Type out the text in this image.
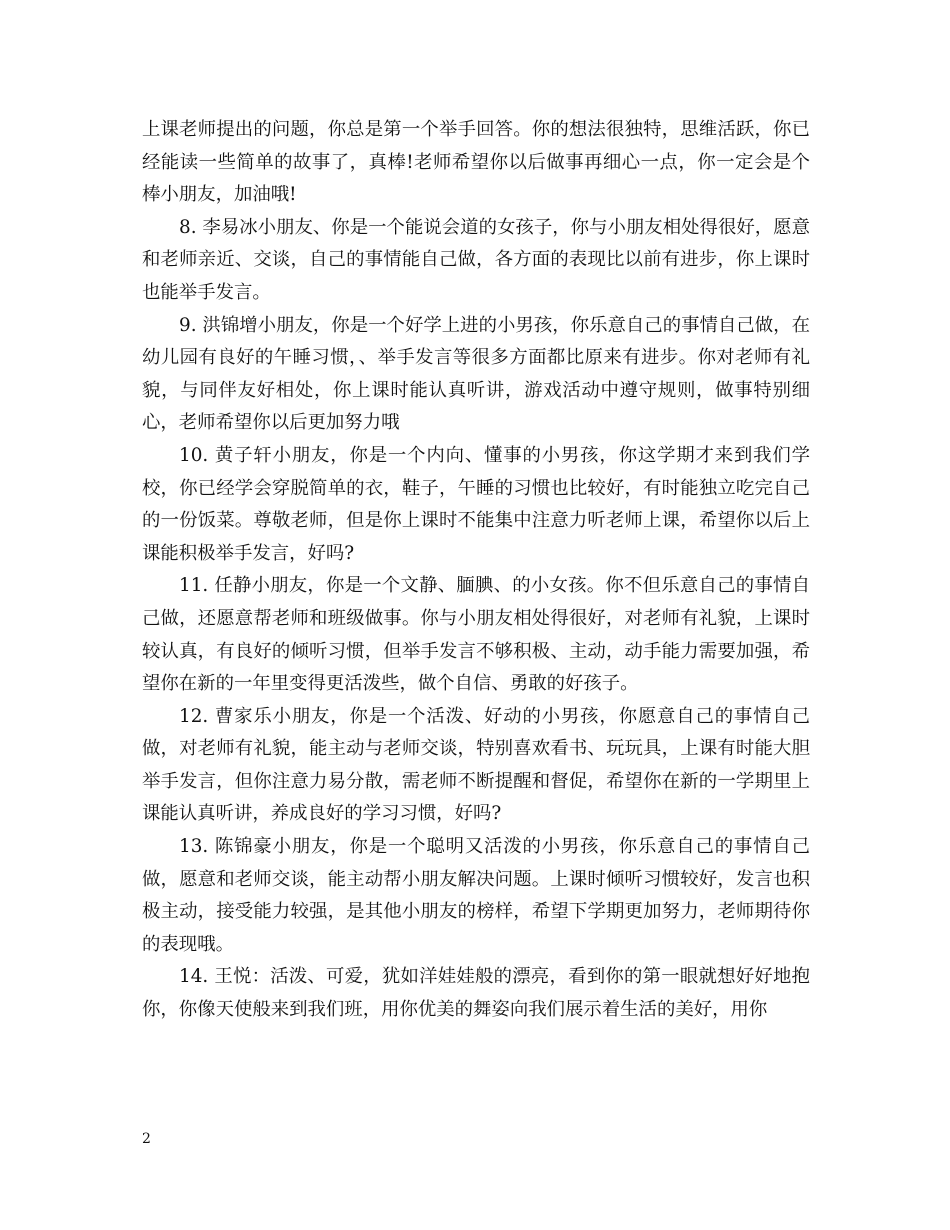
上课老师提出的问题，你总是第一个举手回答。你的想法很独特，思维活跃，你已经能读一些简单的故事了，真棒!老师希望你以后做事再细心一点，你一定会是个棒小朋友，加油哦!

8. 李易冰小朋友、你是一个能说会道的女孩子，你与小朋友相处得很好，愿意和老师亲近、交谈，自己的事情能自己做，各方面的表现比以前有进步，你上课时也能举手发言。

9. 洪锦增小朋友，你是一个好学上进的小男孩，你乐意自己的事情自己做，在幼儿园有良好的午睡习惯，、举手发言等很多方面都比原来有进步。你对老师有礼貌，与同伴友好相处，你上课时能认真听讲，游戏活动中遵守规则，做事特别细心，老师希望你以后更加努力哦

10. 黄子轩小朋友，你是一个内向、懂事的小男孩，你这学期才来到我们学校，你已经学会穿脱简单的衣，鞋子，午睡的习惯也比较好，有时能独立吃完自己的一份饭菜。尊敬老师，但是你上课时不能集中注意力听老师上课，希望你以后上课能积极举手发言，好吗?

11. 任静小朋友，你是一个文静、腼腆、的小女孩。你不但乐意自己的事情自己做，还愿意帮老师和班级做事。你与小朋友相处得很好，对老师有礼貌，上课时较认真，有良好的倾听习惯，但举手发言不够积极、主动，动手能力需要加强，希望你在新的一年里变得更活泼些，做个自信、勇敢的好孩子。

12. 曹家乐小朋友，你是一个活泼、好动的小男孩，你愿意自己的事情自己做，对老师有礼貌，能主动与老师交谈，特别喜欢看书、玩玩具，上课有时能大胆举手发言，但你注意力易分散，需老师不断提醒和督促，希望你在新的一学期里上课能认真听讲，养成良好的学习习惯，好吗?

13. 陈锦豪小朋友，你是一个聪明又活泼的小男孩，你乐意自己的事情自己做，愿意和老师交谈，能主动帮小朋友解决问题。上课时倾听习惯较好，发言也积极主动，接受能力较强，是其他小朋友的榜样，希望下学期更加努力，老师期待你的表现哦。

14. 王悦：活泼、可爱，犹如洋娃娃般的漂亮，看到你的第一眼就想好好地抱你，你像天使般来到我们班，用你优美的舞姿向我们展示着生活的美好，用你

2
